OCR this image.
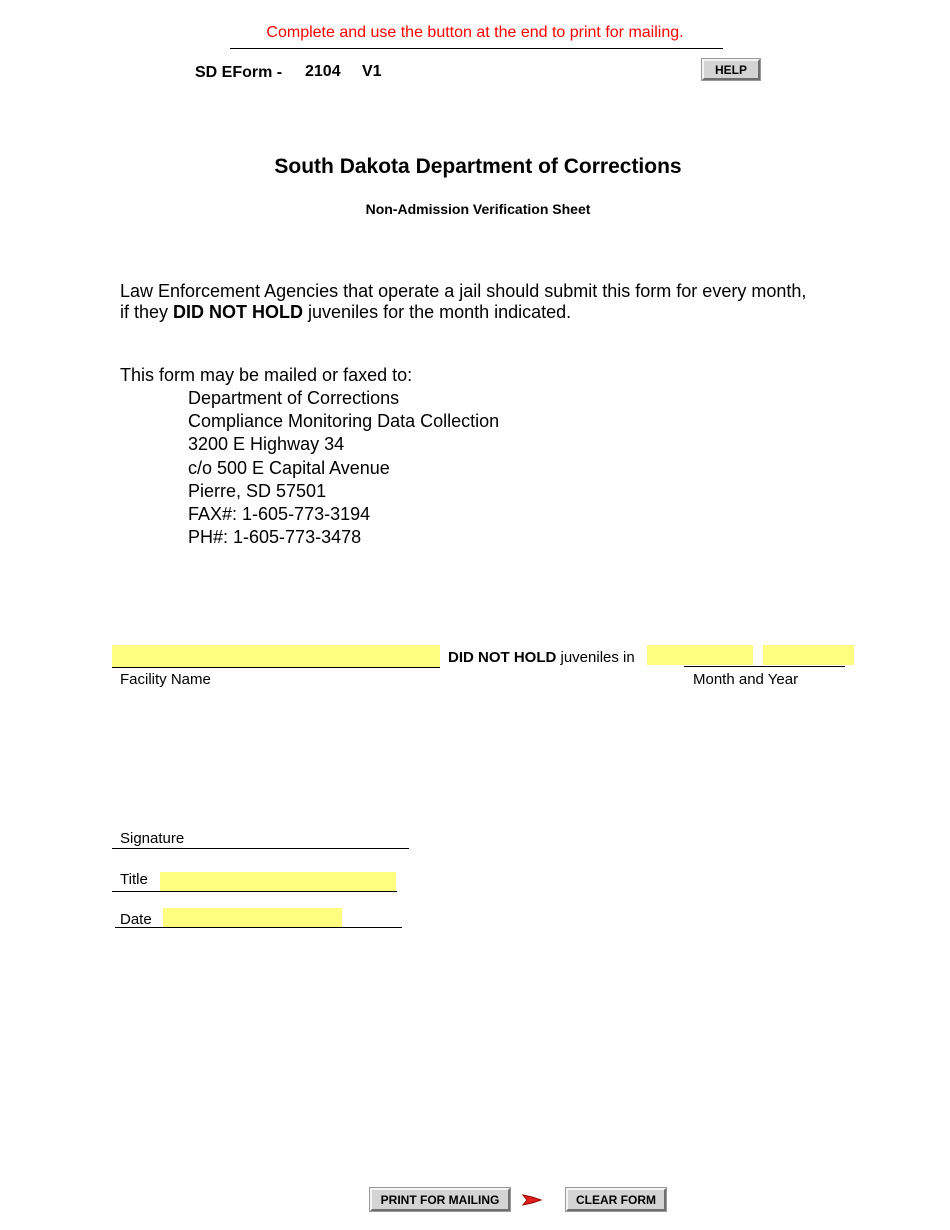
Complete and use the button at the end to print for mailing.
SD EForm - 2104 V1	HELP
South Dakota Department of Corrections
Non-Admission Verification Sheet
Law Enforcement Agencies that operate a jail should submit this form for every month,
if they DID NOT HOLD juveniles for the month indicated.
This form may be mailed or faxed to:
Department of Corrections
Compliance Monitoring Data Collection
3200 E Highway 34
c/o 500 E Capital Avenue
Pierre, SD 57501
FAX#: 1-605-773-3194
PH#: 1-605-773-3478
DID NOT HOLD juveniles in
Facility Name	Month and Year
Signature
Title
Date
PRINT FOR MAILING	CLEAR FORM
